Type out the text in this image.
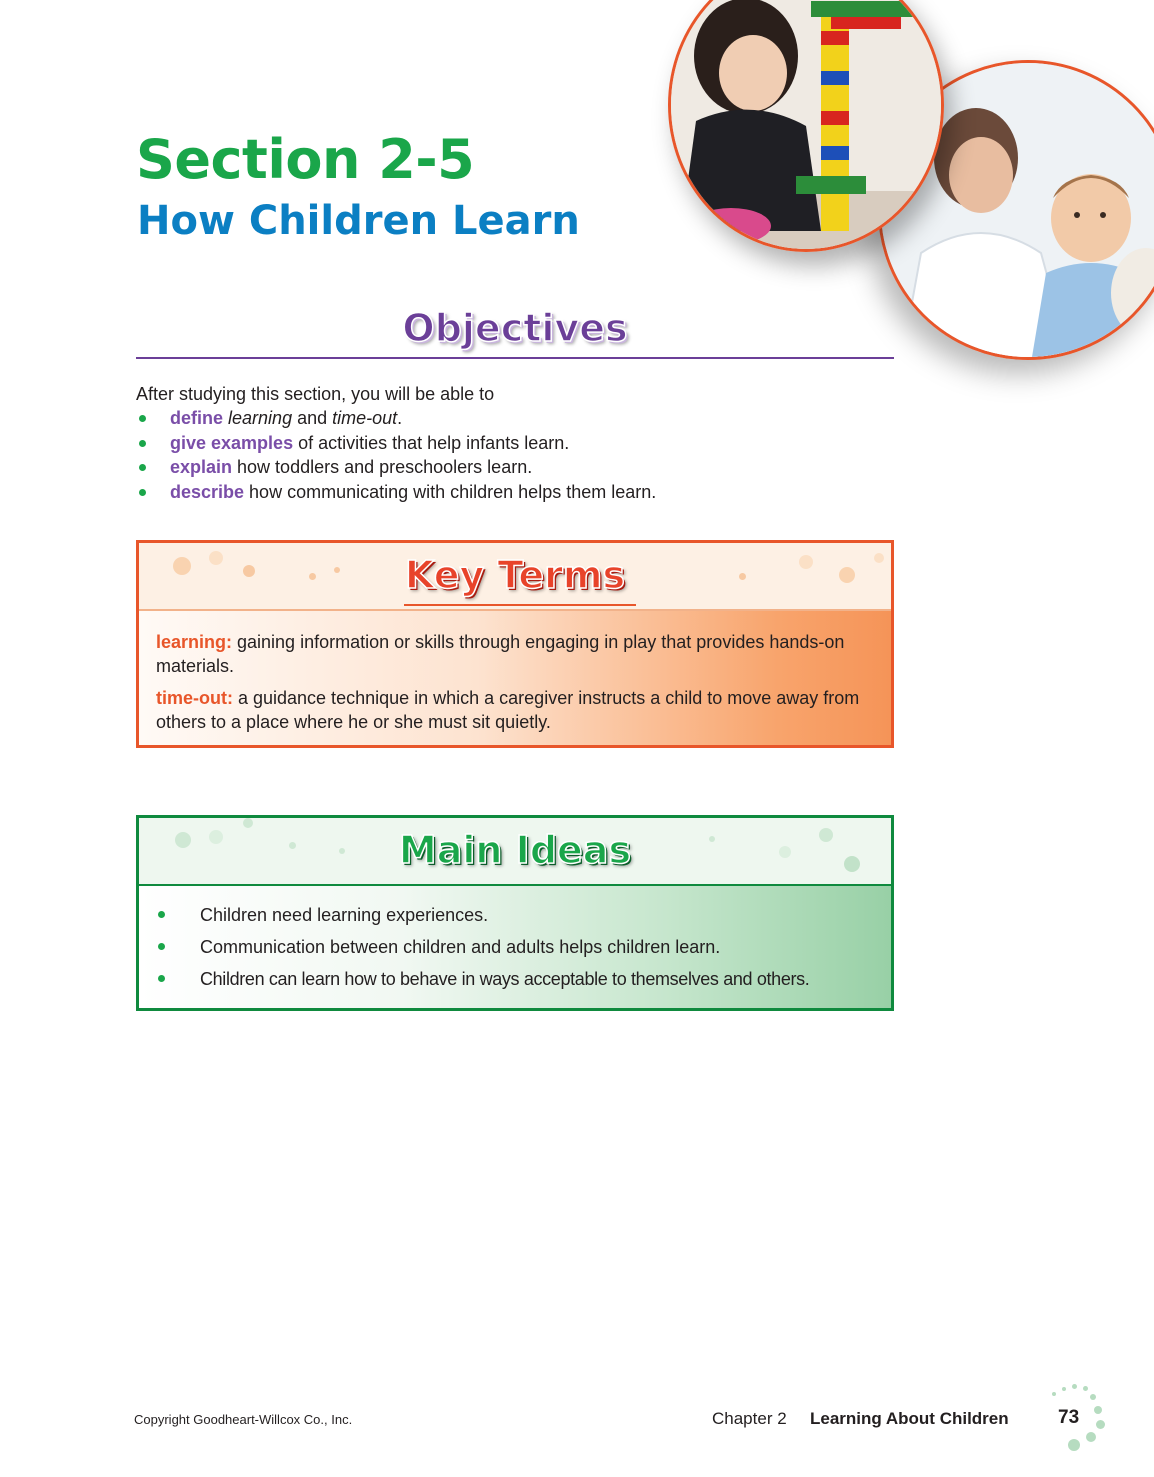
Section 2-5
How Children Learn
Objectives
After studying this section, you will be able to
define learning and time-out.
give examples of activities that help infants learn.
explain how toddlers and preschoolers learn.
describe how communicating with children helps them learn.
Key Terms

learning: gaining information or skills through engaging in play that provides hands-on materials.

time-out: a guidance technique in which a caregiver instructs a child to move away from others to a place where he or she must sit quietly.

Main Ideas
Children need learning experiences.
Communication between children and adults helps children learn.
Children can learn how to behave in ways acceptable to themselves and others.
Copyright Goodheart-Willcox Co., Inc.	Chapter 2 Learning About Children	73
